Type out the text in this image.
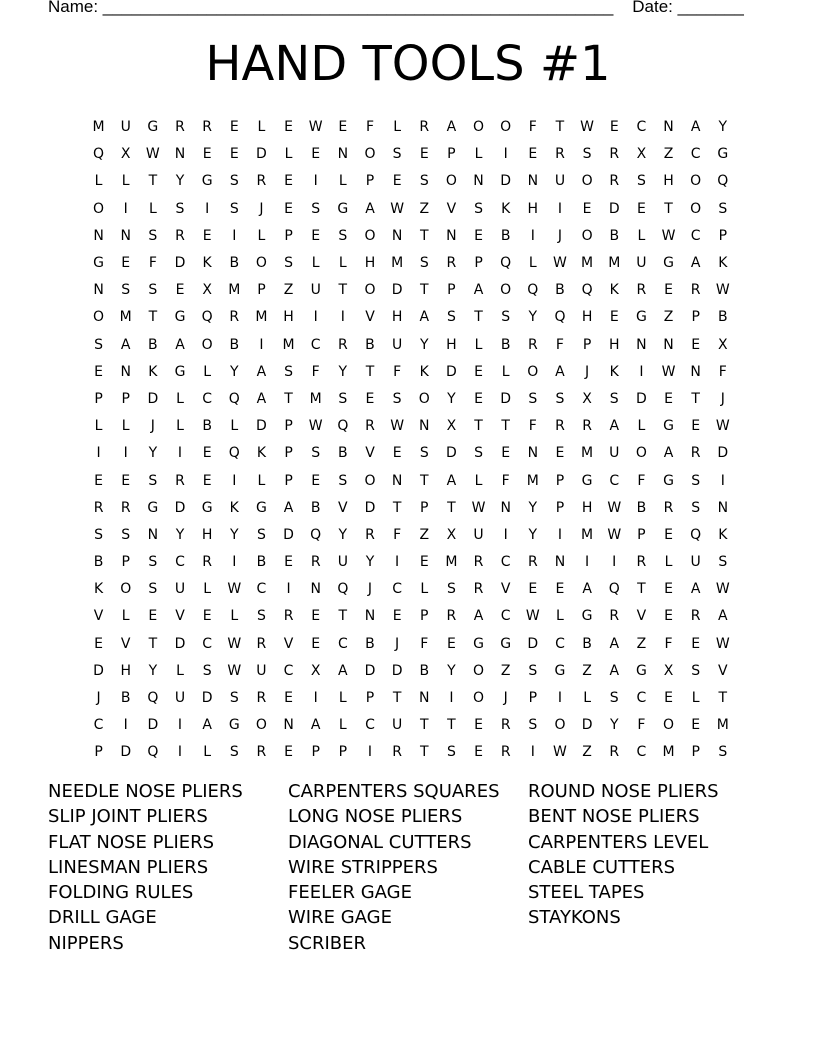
Name: ______________________________________________________ Date: _______
HAND TOOLS #1
M	U	G	R	R	E	L	E	W	E	F	L	R	A	O	O	F	T	W	E	C	N	A	Y
Q	X	W	N	E	E	D	L	E	N	O	S	E	P	L	I	E	R	S	R	X	Z	C	G
L	L	T	Y	G	S	R	E	I	L	P	E	S	O	N	D	N	U	O	R	S	H	O	Q
O	I	L	S	I	S	J	E	S	G	A	W	Z	V	S	K	H	I	E	D	E	T	O	S
N	N	S	R	E	I	L	P	E	S	O	N	T	N	E	B	I	J	O	B	L	W	C	P
G	E	F	D	K	B	O	S	L	L	H	M	S	R	P	Q	L	W	M	M	U	G	A	K
N	S	S	E	X	M	P	Z	U	T	O	D	T	P	A	O	Q	B	Q	K	R	E	R	W
O	M	T	G	Q	R	M	H	I	I	V	H	A	S	T	S	Y	Q	H	E	G	Z	P	B
S	A	B	A	O	B	I	M	C	R	B	U	Y	H	L	B	R	F	P	H	N	N	E	X
E	N	K	G	L	Y	A	S	F	Y	T	F	K	D	E	L	O	A	J	K	I	W	N	F
P	P	D	L	C	Q	A	T	M	S	E	S	O	Y	E	D	S	S	X	S	D	E	T	J
L	L	J	L	B	L	D	P	W	Q	R	W	N	X	T	T	F	R	R	A	L	G	E	W
I	I	Y	I	E	Q	K	P	S	B	V	E	S	D	S	E	N	E	M	U	O	A	R	D
E	E	S	R	E	I	L	P	E	S	O	N	T	A	L	F	M	P	G	C	F	G	S	I
R	R	G	D	G	K	G	A	B	V	D	T	P	T	W	N	Y	P	H	W	B	R	S	N
S	S	N	Y	H	Y	S	D	Q	Y	R	F	Z	X	U	I	Y	I	M	W	P	E	Q	K
B	P	S	C	R	I	B	E	R	U	Y	I	E	M	R	C	R	N	I	I	R	L	U	S
K	O	S	U	L	W	C	I	N	Q	J	C	L	S	R	V	E	E	A	Q	T	E	A	W
V	L	E	V	E	L	S	R	E	T	N	E	P	R	A	C	W	L	G	R	V	E	R	A
E	V	T	D	C	W	R	V	E	C	B	J	F	E	G	G	D	C	B	A	Z	F	E	W
D	H	Y	L	S	W	U	C	X	A	D	D	B	Y	O	Z	S	G	Z	A	G	X	S	V
J	B	Q	U	D	S	R	E	I	L	P	T	N	I	O	J	P	I	L	S	C	E	L	T
C	I	D	I	A	G	O	N	A	L	C	U	T	T	E	R	S	O	D	Y	F	O	E	M
P	D	Q	I	L	S	R	E	P	P	I	R	T	S	E	R	I	W	Z	R	C	M	P	S
NEEDLE NOSE PLIERS
SLIP JOINT PLIERS
FLAT NOSE PLIERS
LINESMAN PLIERS
FOLDING RULES
DRILL GAGE
NIPPERS
CARPENTERS SQUARES
LONG NOSE PLIERS
DIAGONAL CUTTERS
WIRE STRIPPERS
FEELER GAGE
WIRE GAGE
SCRIBER
ROUND NOSE PLIERS
BENT NOSE PLIERS
CARPENTERS LEVEL
CABLE CUTTERS
STEEL TAPES
STAYKONS
